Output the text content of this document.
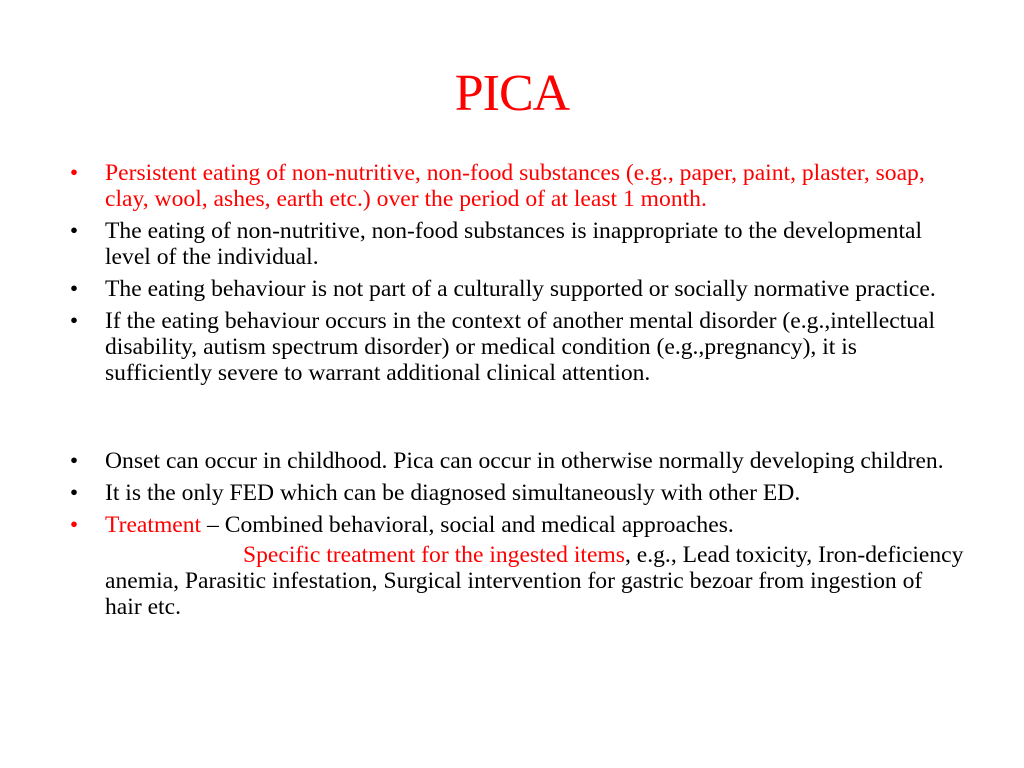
PICA
• Persistent eating of non-nutritive, non-food substances (e.g., paper, paint, plaster, soap, clay, wool, ashes, earth etc.) over the period of at least 1 month.
• The eating of non-nutritive, non-food substances is inappropriate to the developmental level of the individual.
• The eating behaviour is not part of a culturally supported or socially normative practice.
• If the eating behaviour occurs in the context of another mental disorder (e.g.,intellectual disability, autism spectrum disorder) or medical condition (e.g.,pregnancy), it is sufficiently severe to warrant additional clinical attention.
• Onset can occur in childhood. Pica can occur in otherwise normally developing children.
• It is the only FED which can be diagnosed simultaneously with other ED.
• Treatment – Combined behavioral, social and medical approaches.
Specific treatment for the ingested items, e.g., Lead toxicity, Iron-deficiency anemia, Parasitic infestation, Surgical intervention for gastric bezoar from ingestion of hair etc.
